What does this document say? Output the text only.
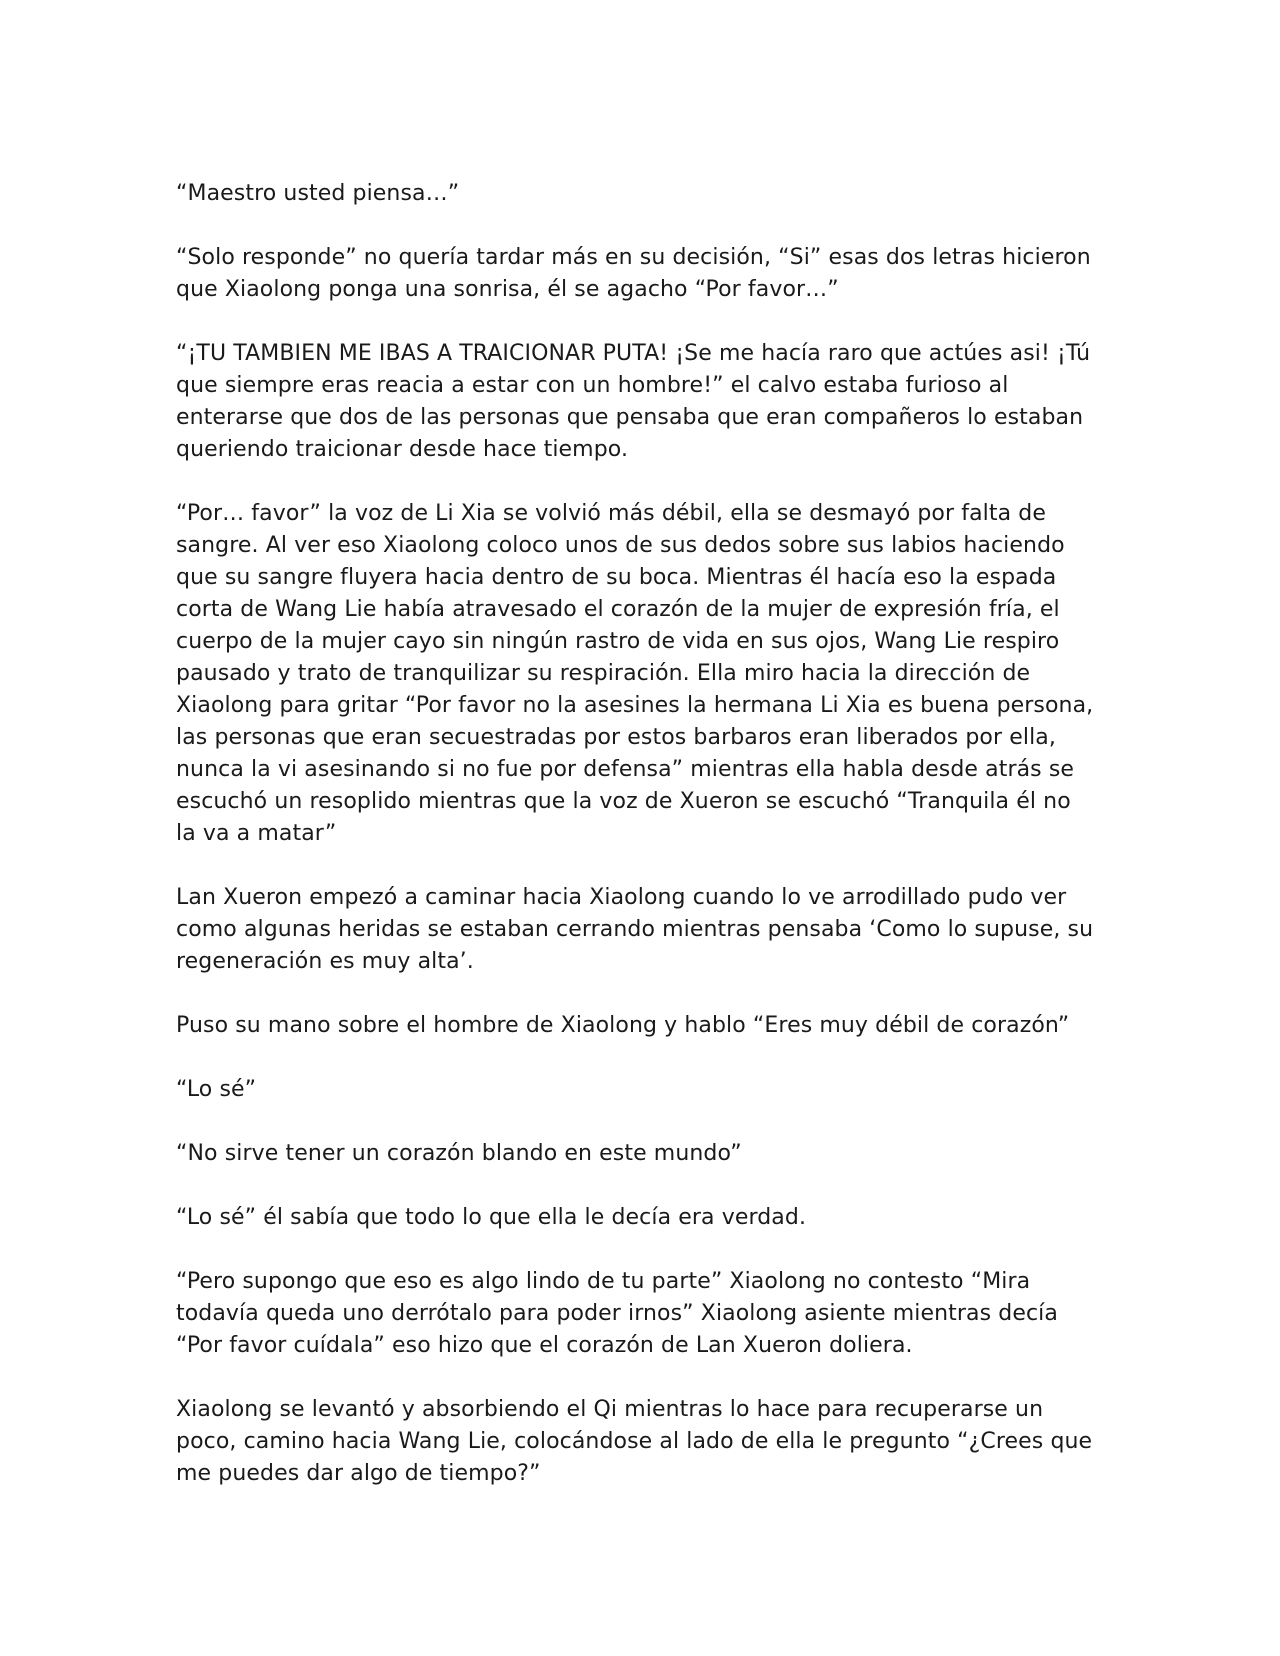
“Maestro usted piensa…”

“Solo responde” no quería tardar más en su decisión, “Si” esas dos letras hicieron que Xiaolong ponga una sonrisa, él se agacho “Por favor…”

“¡TU TAMBIEN ME IBAS A TRAICIONAR PUTA! ¡Se me hacía raro que actúes asi! ¡Tú que siempre eras reacia a estar con un hombre!” el calvo estaba furioso al enterarse que dos de las personas que pensaba que eran compañeros lo estaban queriendo traicionar desde hace tiempo.

“Por… favor” la voz de Li Xia se volvió más débil, ella se desmayó por falta de sangre. Al ver eso Xiaolong coloco unos de sus dedos sobre sus labios haciendo que su sangre fluyera hacia dentro de su boca. Mientras él hacía eso la espada corta de Wang Lie había atravesado el corazón de la mujer de expresión fría, el cuerpo de la mujer cayo sin ningún rastro de vida en sus ojos, Wang Lie respiro pausado y trato de tranquilizar su respiración. Ella miro hacia la dirección de Xiaolong para gritar “Por favor no la asesines la hermana Li Xia es buena persona, las personas que eran secuestradas por estos barbaros eran liberados por ella, nunca la vi asesinando si no fue por defensa” mientras ella habla desde atrás se escuchó un resoplido mientras que la voz de Xueron se escuchó “Tranquila él no la va a matar”

Lan Xueron empezó a caminar hacia Xiaolong cuando lo ve arrodillado pudo ver como algunas heridas se estaban cerrando mientras pensaba ‘Como lo supuse, su regeneración es muy alta’.

Puso su mano sobre el hombre de Xiaolong y hablo “Eres muy débil de corazón”

“Lo sé”

“No sirve tener un corazón blando en este mundo”

“Lo sé” él sabía que todo lo que ella le decía era verdad.

“Pero supongo que eso es algo lindo de tu parte” Xiaolong no contesto “Mira todavía queda uno derrótalo para poder irnos” Xiaolong asiente mientras decía “Por favor cuídala” eso hizo que el corazón de Lan Xueron doliera.

Xiaolong se levantó y absorbiendo el Qi mientras lo hace para recuperarse un poco, camino hacia Wang Lie, colocándose al lado de ella le pregunto “¿Crees que me puedes dar algo de tiempo?”
